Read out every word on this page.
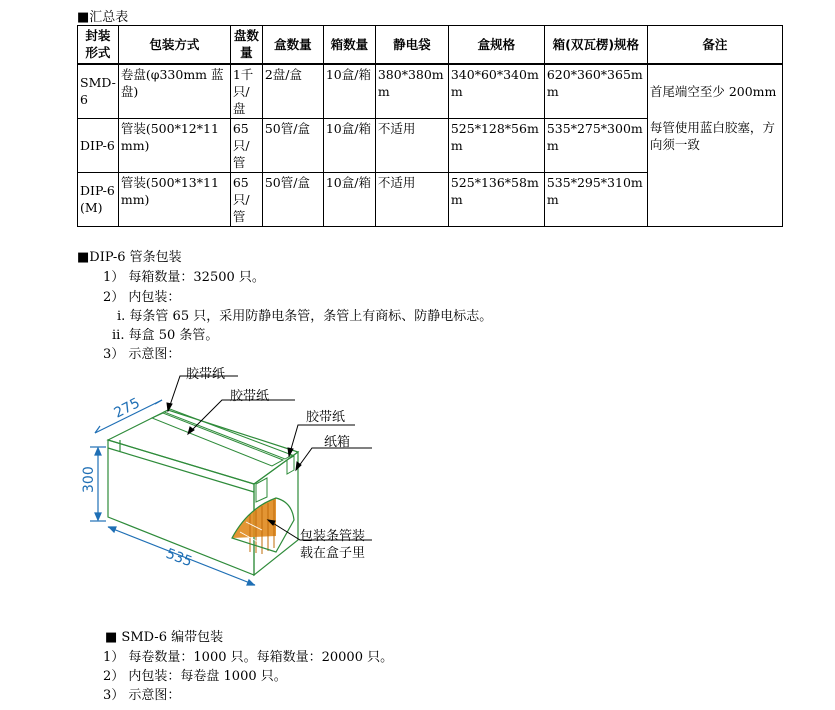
■汇总表
封装形式	包装方式	盘数量	盒数量	箱数量	静电袋	盒规格	箱(双瓦楞)规格	备注
SMD-6	卷盘(φ330mm 蓝盘)	1千只/盘	2盘/盒	10盒/箱	380*380mm	340*60*340mm	620*360*365mm	首尾端空至少 200mm
DIP-6	管装(500*12*11mm)	65只/管	50管/盒	10盒/箱	不适用	525*128*56mm	535*275*300mm	每管使用蓝白胶塞，方向须一致
DIP-6(M)	管装(500*13*11mm)	65只/管	50管/盒	10盒/箱	不适用	525*136*58mm	535*295*310mm	
■DIP-6 管条包装
1） 每箱数量：32500 只。
2） 内包装：
i. 每条管 65 只，采用防静电条管，条管上有商标、防静电标志。
ii. 每盒 50 条管。
3） 示意图：
275
300
535
胶带纸
胶带纸
胶带纸
纸箱
包装条管装
载在盒子里
■ SMD-6 编带包装
1） 每卷数量：1000 只。每箱数量：20000 只。
2） 内包装：每卷盘 1000 只。
3） 示意图：
